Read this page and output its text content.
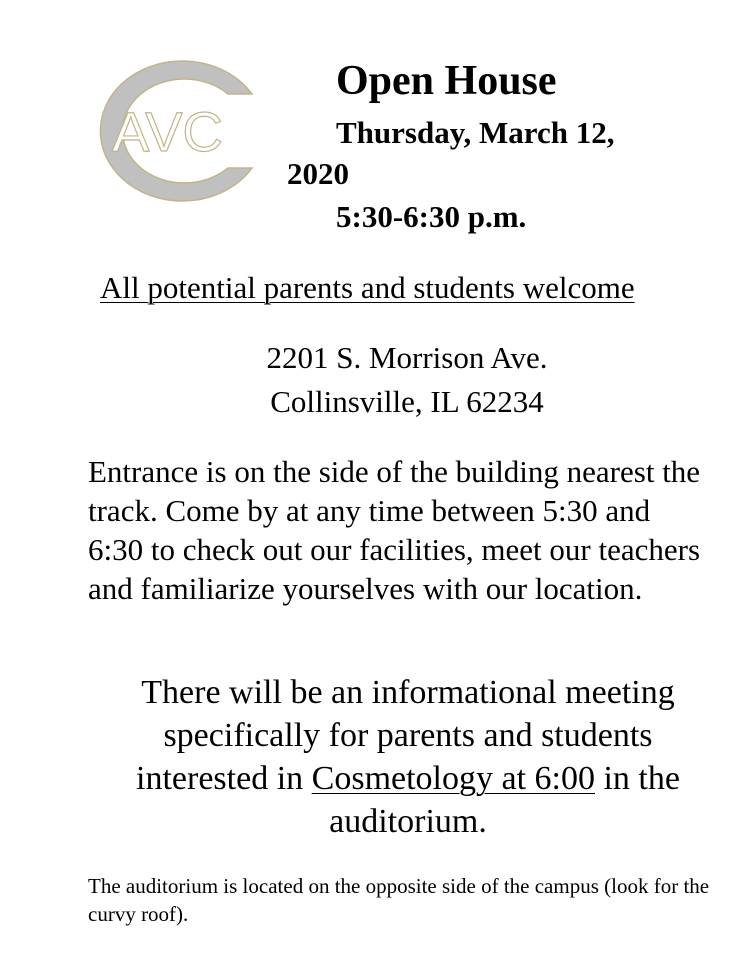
AVC
Open House
Thursday, March 12,
2020
5:30-6:30 p.m.
All potential parents and students welcome
2201 S. Morrison Ave.
Collinsville, IL 62234
Entrance is on the side of the building nearest the track. Come by at any time between 5:30 and 6:30 to check out our facilities, meet our teachers and familiarize yourselves with our location.
There will be an informational meeting specifically for parents and students interested in Cosmetology at 6:00 in the auditorium.
The auditorium is located on the opposite side of the campus (look for the curvy roof).
